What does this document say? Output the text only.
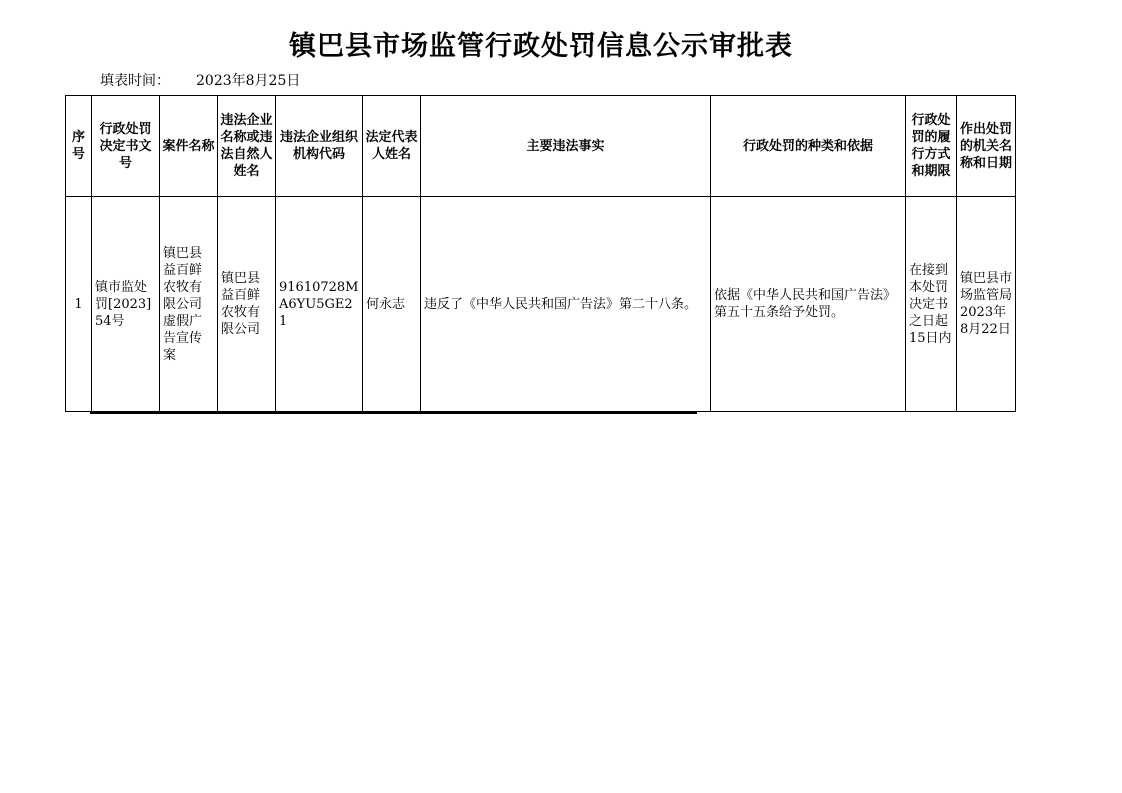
镇巴县市场监管行政处罚信息公示审批表
填表时间： 2023年8月25日
序​号	行政处罚​决定书文​号	案件名称	违法企​业名称​或违法​自然人​姓名	违法企业组织​机构代码	法定代​表人姓​名	主要违法事实	行政处罚的种类和依据	行政处​罚的履​行方式​和期限	作出处罚​的机关名​称和日期
1	镇市监处罚[2023]54号	镇巴县益百鲜农牧有限公司虚假广告宣传案	镇巴县益百鲜农牧有限公司	91610728MA6YU5GE21	何永志	违反了《中华人民共和国广告法》第二十八条。	依据《中华人民共和国广告法》第五十五条给予处罚。	在接到本处罚决定书之日起15日内	镇巴县市场监管局2023年8月22日
